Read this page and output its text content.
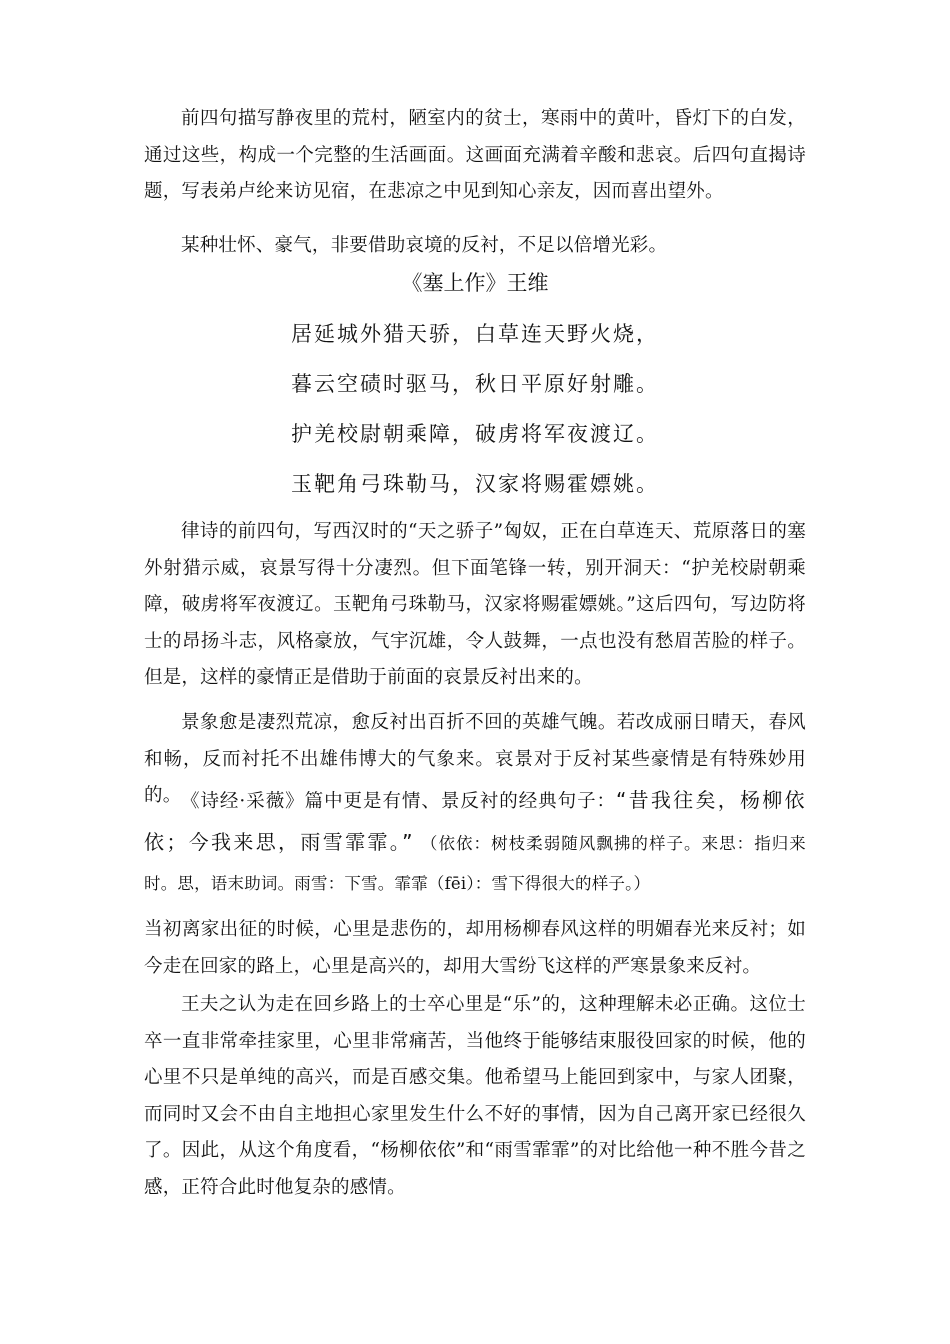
前四句描写静夜里的荒村，陋室内的贫士，寒雨中的黄叶，昏灯下的白发，通过这些，构成一个完整的生活画面。这画面充满着辛酸和悲哀。后四句直揭诗题，写表弟卢纶来访见宿，在悲凉之中见到知心亲友，因而喜出望外。

某种壮怀、豪气，非要借助哀境的反衬，不足以倍增光彩。

《塞上作》王维
居延城外猎天骄，白草连天野火烧，
暮云空碛时驱马，秋日平原好射雕。
护羌校尉朝乘障，破虏将军夜渡辽。
玉靶角弓珠勒马，汉家将赐霍嫖姚。

律诗的前四句，写西汉时的“天之骄子”匈奴，正在白草连天、荒原落日的塞外射猎示威，哀景写得十分凄烈。但下面笔锋一转，别开洞天：“护羌校尉朝乘障，破虏将军夜渡辽。玉靶角弓珠勒马，汉家将赐霍嫖姚。”这后四句，写边防将士的昂扬斗志，风格豪放，气宇沉雄，令人鼓舞，一点也没有愁眉苦脸的样子。但是，这样的豪情正是借助于前面的哀景反衬出来的。

景象愈是凄烈荒凉，愈反衬出百折不回的英雄气魄。若改成丽日晴天，春风和畅，反而衬托不出雄伟博大的气象来。哀景对于反衬某些豪情是有特殊妙用的。 《诗经·采薇》篇中更是有情、景反衬的经典句子：“昔我往矣，杨柳依依；今我来思，雨雪霏霏。” （依依：树枝柔弱随风飘拂的样子。来思：指归来时。思，语末助词。雨雪：下雪。霏霏（fēi）：雪下得很大的样子。）

当初离家出征的时候，心里是悲伤的，却用杨柳春风这样的明媚春光来反衬；如今走在回家的路上，心里是高兴的，却用大雪纷飞这样的严寒景象来反衬。

王夫之认为走在回乡路上的士卒心里是“乐”的，这种理解未必正确。这位士卒一直非常牵挂家里，心里非常痛苦，当他终于能够结束服役回家的时候，他的心里不只是单纯的高兴，而是百感交集。他希望马上能回到家中，与家人团聚，而同时又会不由自主地担心家里发生什么不好的事情，因为自己离开家已经很久了。因此，从这个角度看，“杨柳依依”和“雨雪霏霏”的对比给他一种不胜今昔之感，正符合此时他复杂的感情。
